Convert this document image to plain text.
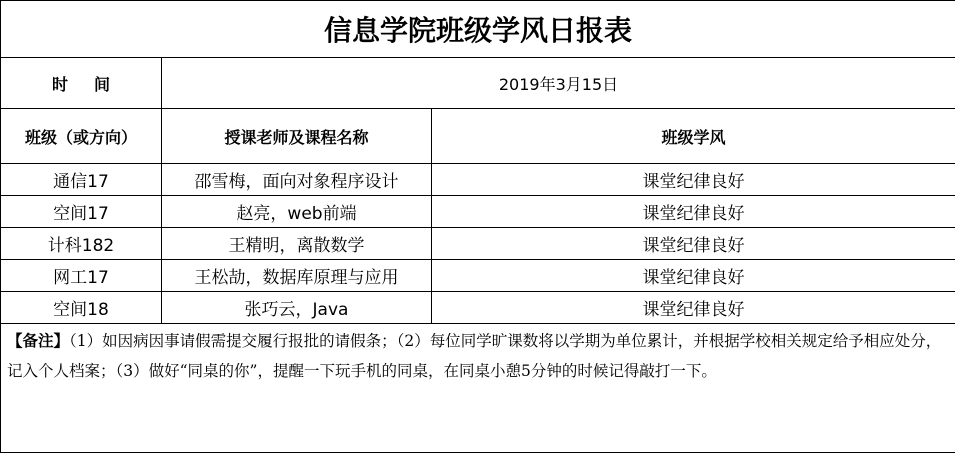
信息学院班级学风日报表		
时间	2019年3月15日	
班级（或方向）	授课老师及课程名称	班级学风
通信17	邵雪梅，面向对象程序设计	课堂纪律良好
空间17	赵亮，web前端	课堂纪律良好
计科182	王精明，离散数学	课堂纪律良好
网工17	王松劼，数据库原理与应用	课堂纪律良好
空间18	张巧云，Java	课堂纪律良好
【备注】（1）如因病因事请假需提交履行报批的请假条；（2）每位同学旷课数将以学期为单位累计，并根据学校相关规定给予相应处分，记入个人档案；（3）做好“同桌的你”，提醒一下玩手机的同桌，在同桌小憩5分钟的时候记得敲打一下。		
